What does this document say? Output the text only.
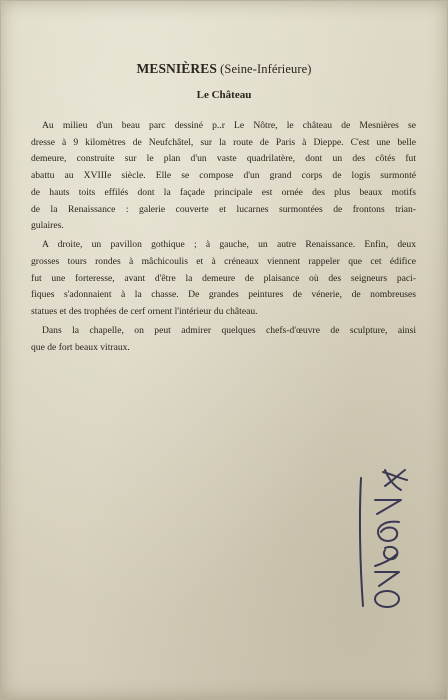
MESNIÈRES (Seine-Inférieure)
Le Château
Au milieu d'un beau parc dessiné p..r Le Nôtre, le château de Mesnières se
dresse à 9 kilomètres de Neufchâtel, sur la route de Paris à Dieppe. C'est une belle
demeure, construite sur le plan d'un vaste quadrilatère, dont un des côtés fut
abattu au XVIIIe siècle. Elle se compose d'un grand corps de logis surmonté
de hauts toits effilés dont la façade principale est ornée des plus beaux motifs
de la Renaissance : galerie couverte et lucarnes surmontées de frontons trian-
gulaires.
A droite, un pavillon gothique ; à gauche, un autre Renaissance. Enfin, deux
grosses tours rondes à mâchicoulis et à créneaux viennent rappeler que cet édifice
fut une forteresse, avant d'être la demeure de plaisance où des seigneurs paci-
fiques s'adonnaient à la chasse. De grandes peintures de vénerie, de nombreuses
statues et des trophées de cerf ornent l'intérieur du château.
Dans la chapelle, on peut admirer quelques chefs-d'œuvre de sculpture, ainsi
que de fort beaux vitraux.
